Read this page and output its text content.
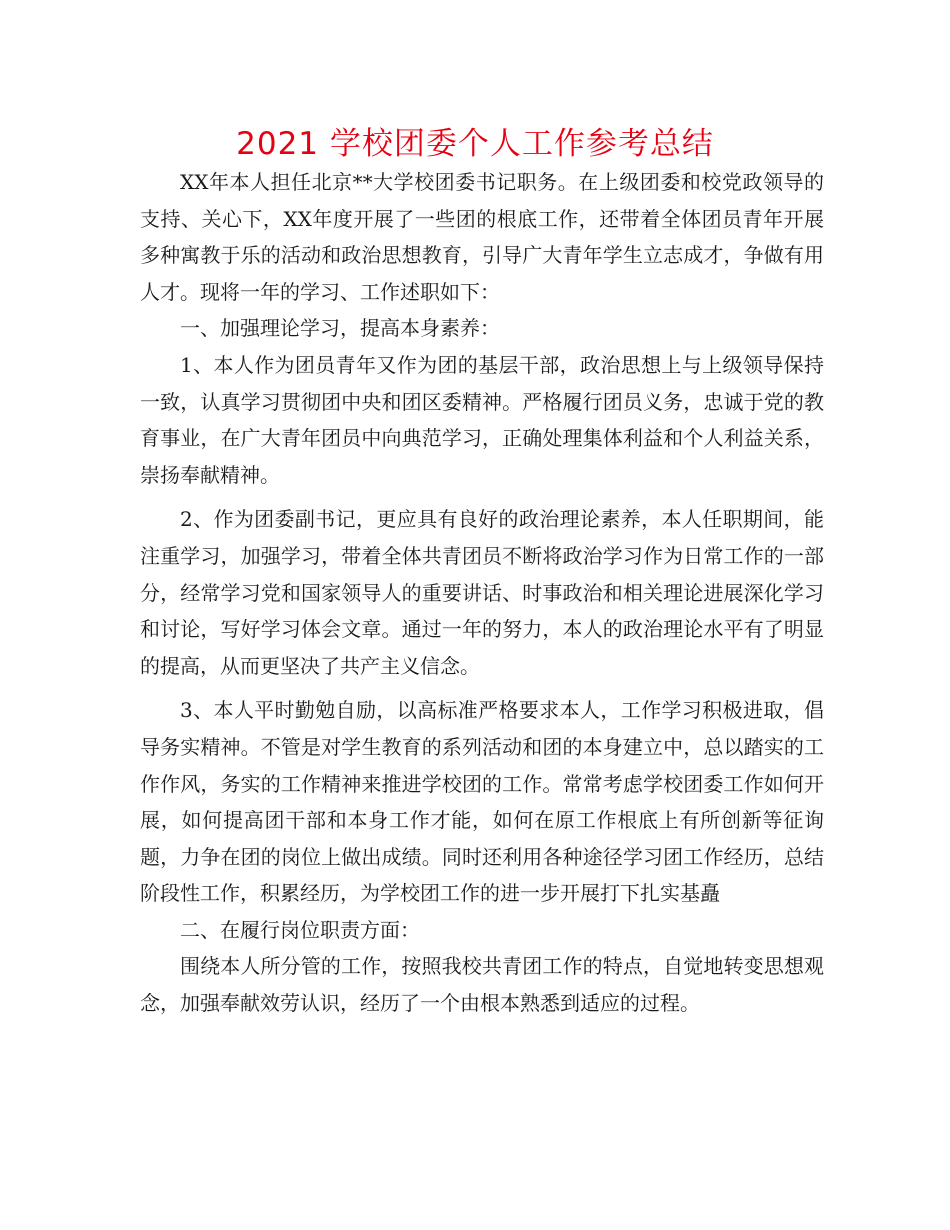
2021 学校团委个人工作参考总结

XX年本人担任北京**大学校团委书记职务。在上级团委和校党政领导的支持、关心下，XX年度开展了一些团的根底工作，还带着全体团员青年开展多种寓教于乐的活动和政治思想教育，引导广大青年学生立志成才，争做有用人才。现将一年的学习、工作述职如下：

一、加强理论学习，提高本身素养：

1、本人作为团员青年又作为团的基层干部，政治思想上与上级领导保持一致，认真学习贯彻团中央和团区委精神。严格履行团员义务，忠诚于党的教育事业，在广大青年团员中向典范学习，正确处理集体利益和个人利益关系，崇扬奉献精神。

2、作为团委副书记，更应具有良好的政治理论素养，本人任职期间，能注重学习，加强学习，带着全体共青团员不断将政治学习作为日常工作的一部分，经常学习党和国家领导人的重要讲话、时事政治和相关理论进展深化学习和讨论，写好学习体会文章。通过一年的努力，本人的政治理论水平有了明显的提高，从而更坚决了共产主义信念。

3、本人平时勤勉自励，以高标准严格要求本人，工作学习积极进取，倡导务实精神。不管是对学生教育的系列活动和团的本身建立中，总以踏实的工作作风，务实的工作精神来推进学校团的工作。常常考虑学校团委工作如何开展，如何提高团干部和本身工作才能，如何在原工作根底上有所创新等征询题，力争在团的岗位上做出成绩。同时还利用各种途径学习团工作经历，总结阶段性工作，积累经历，为学校团工作的进一步开展打下扎实基矗

二、在履行岗位职责方面：

围绕本人所分管的工作，按照我校共青团工作的特点，自觉地转变思想观念，加强奉献效劳认识，经历了一个由根本熟悉到适应的过程。
